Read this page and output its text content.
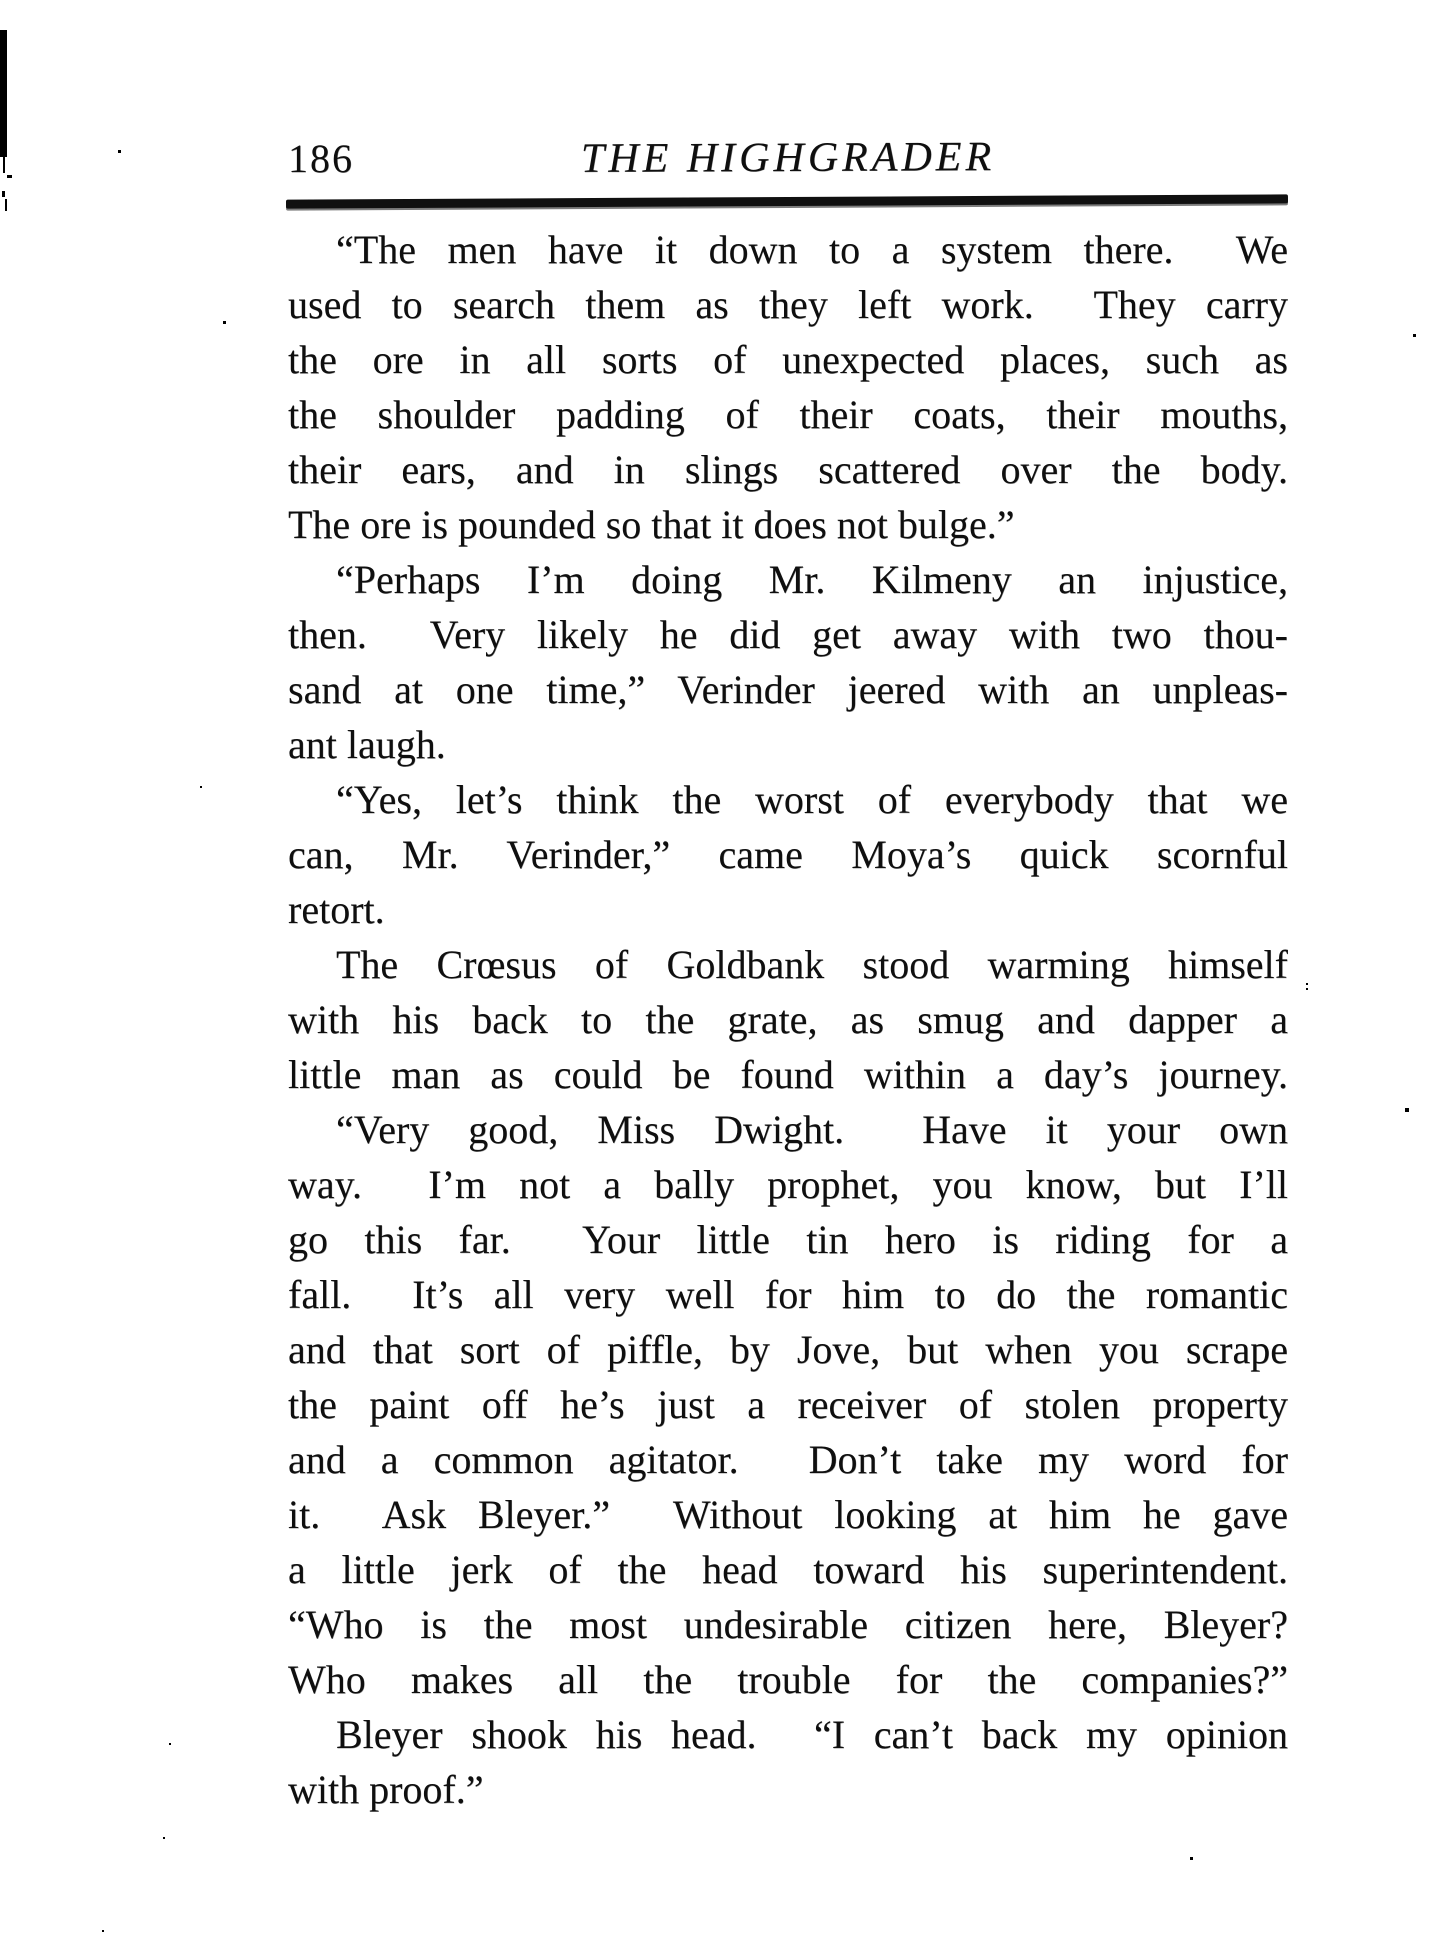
186	THE HIGHGRADER
“The men have it down to a system there.  We
used to search them as they left work.  They carry
the ore in all sorts of unexpected places, such as
the shoulder padding of their coats, their mouths,
their ears, and in slings scattered over the body.
The ore is pounded so that it does not bulge.”
“Perhaps I’m doing Mr. Kilmeny an injustice,
then.  Very likely he did get away with two thou-
sand at one time,” Verinder jeered with an unpleas-
ant laugh.
“Yes, let’s think the worst of everybody that we
can, Mr. Verinder,” came Moya’s quick scornful
retort.
The Crœsus of Goldbank stood warming himself
with his back to the grate, as smug and dapper a
little man as could be found within a day’s journey.
“Very good, Miss Dwight.  Have it your own
way.  I’m not a bally prophet, you know, but I’ll
go this far.  Your little tin hero is riding for a
fall.  It’s all very well for him to do the romantic
and that sort of piffle, by Jove, but when you scrape
the paint off he’s just a receiver of stolen property
and a common agitator.  Don’t take my word for
it.  Ask Bleyer.”  Without looking at him he gave
a little jerk of the head toward his superintendent.
“Who is the most undesirable citizen here, Bleyer?
Who makes all the trouble for the companies?”
Bleyer shook his head.  “I can’t back my opinion
with proof.”
